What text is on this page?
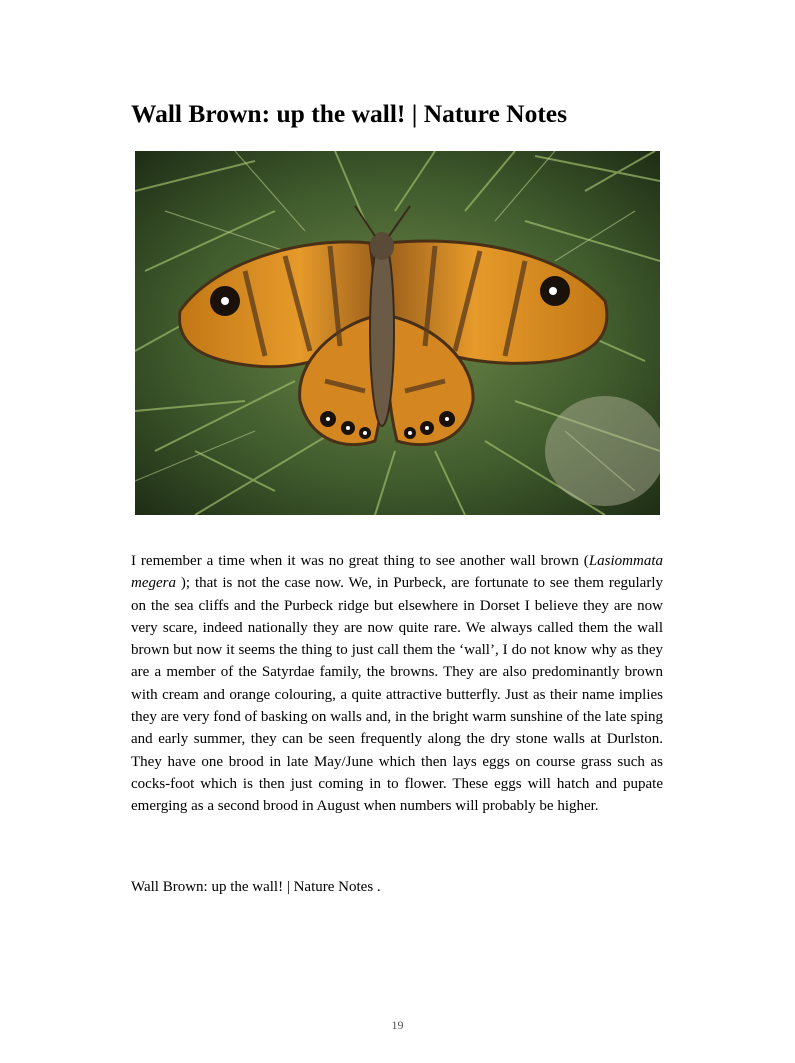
Wall Brown: up the wall! | Nature Notes

I remember a time when it was no great thing to see another wall brown (Lasiommata megera ); that is not the case now. We, in Purbeck, are fortunate to see them regularly on the sea cliffs and the Purbeck ridge but elsewhere in Dorset I believe they are now very scare, indeed nationally they are now quite rare. We always called them the wall brown but now it seems the thing to just call them the ‘wall’, I do not know why as they are a member of the Satyrdae family, the browns. They are also predominantly brown with cream and orange colouring, a quite attractive butterfly. Just as their name implies they are very fond of basking on walls and, in the bright warm sunshine of the late sping and early summer, they can be seen frequently along the dry stone walls at Durlston. They have one brood in late May/June which then lays eggs on course grass such as cocks-foot which is then just coming in to flower. These eggs will hatch and pupate emerging as a second brood in August when numbers will probably be higher.

Wall Brown: up the wall! | Nature Notes .

19
